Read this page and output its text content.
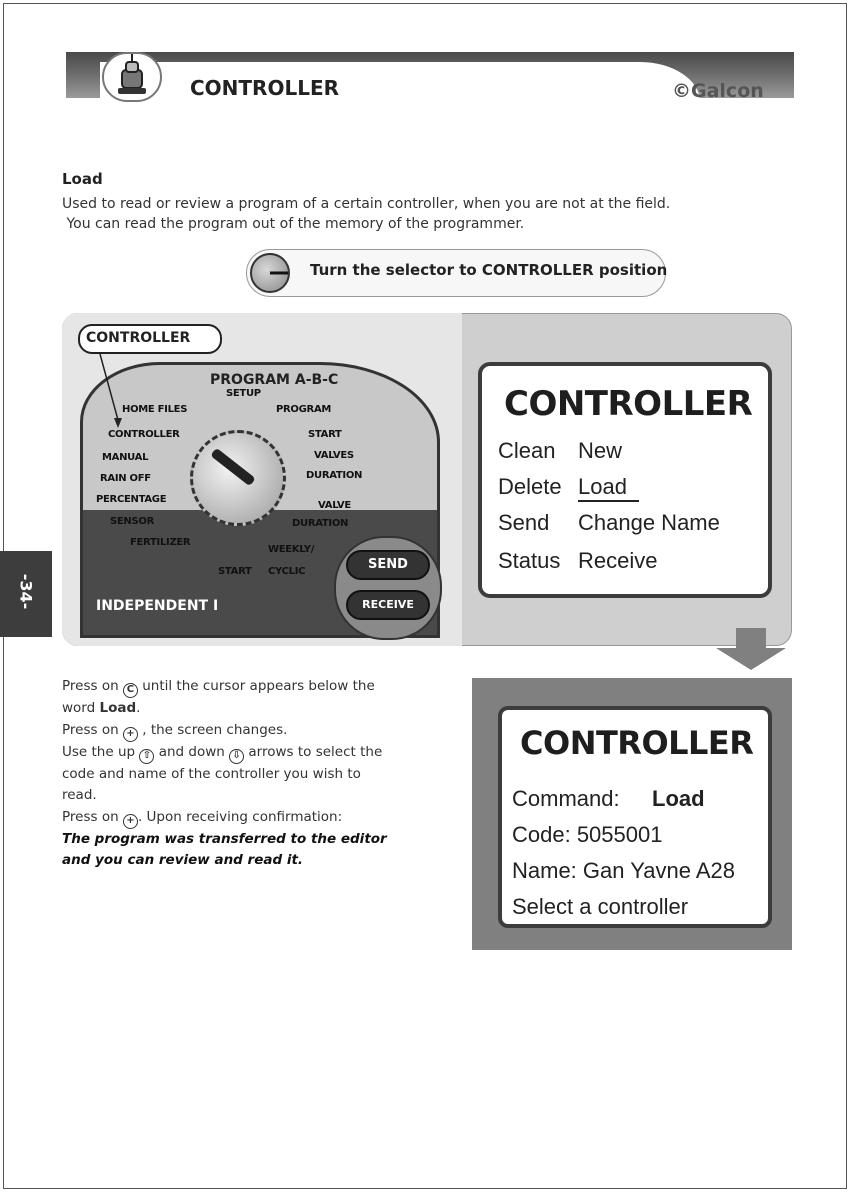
CONTROLLER	©Galcon
Load
Used to read or review a program of a certain controller, when you are not at the field.
You can read the program out of the memory of the programmer.
Turn the selector to CONTROLLER position
CONTROLLER
PROGRAM A-B-C
SETUP
HOME FILES
CONTROLLER
MANUAL
RAIN OFF
PERCENTAGE
SENSOR
FERTILIZER
START
PROGRAM
START
VALVES
DURATION
VALVE
DURATION
WEEKLY/
CYCLIC
INDEPENDENT I
SEND
RECEIVE
-34-
CONTROLLER
Clean New
Delete Load
Send Change Name
Status Receive
CONTROLLER
Command: Load
Code: 5055001
Name: Gan Yavne A28
Select a controller

Press on C until the cursor appears below the

word Load.

Press on + , the screen changes.

Use the up ⇧ and down ⇩ arrows to select the

code and name of the controller you wish to

read.

Press on + . Upon receiving confirmation:

The program was transferred to the editor

and you can review and read it.
